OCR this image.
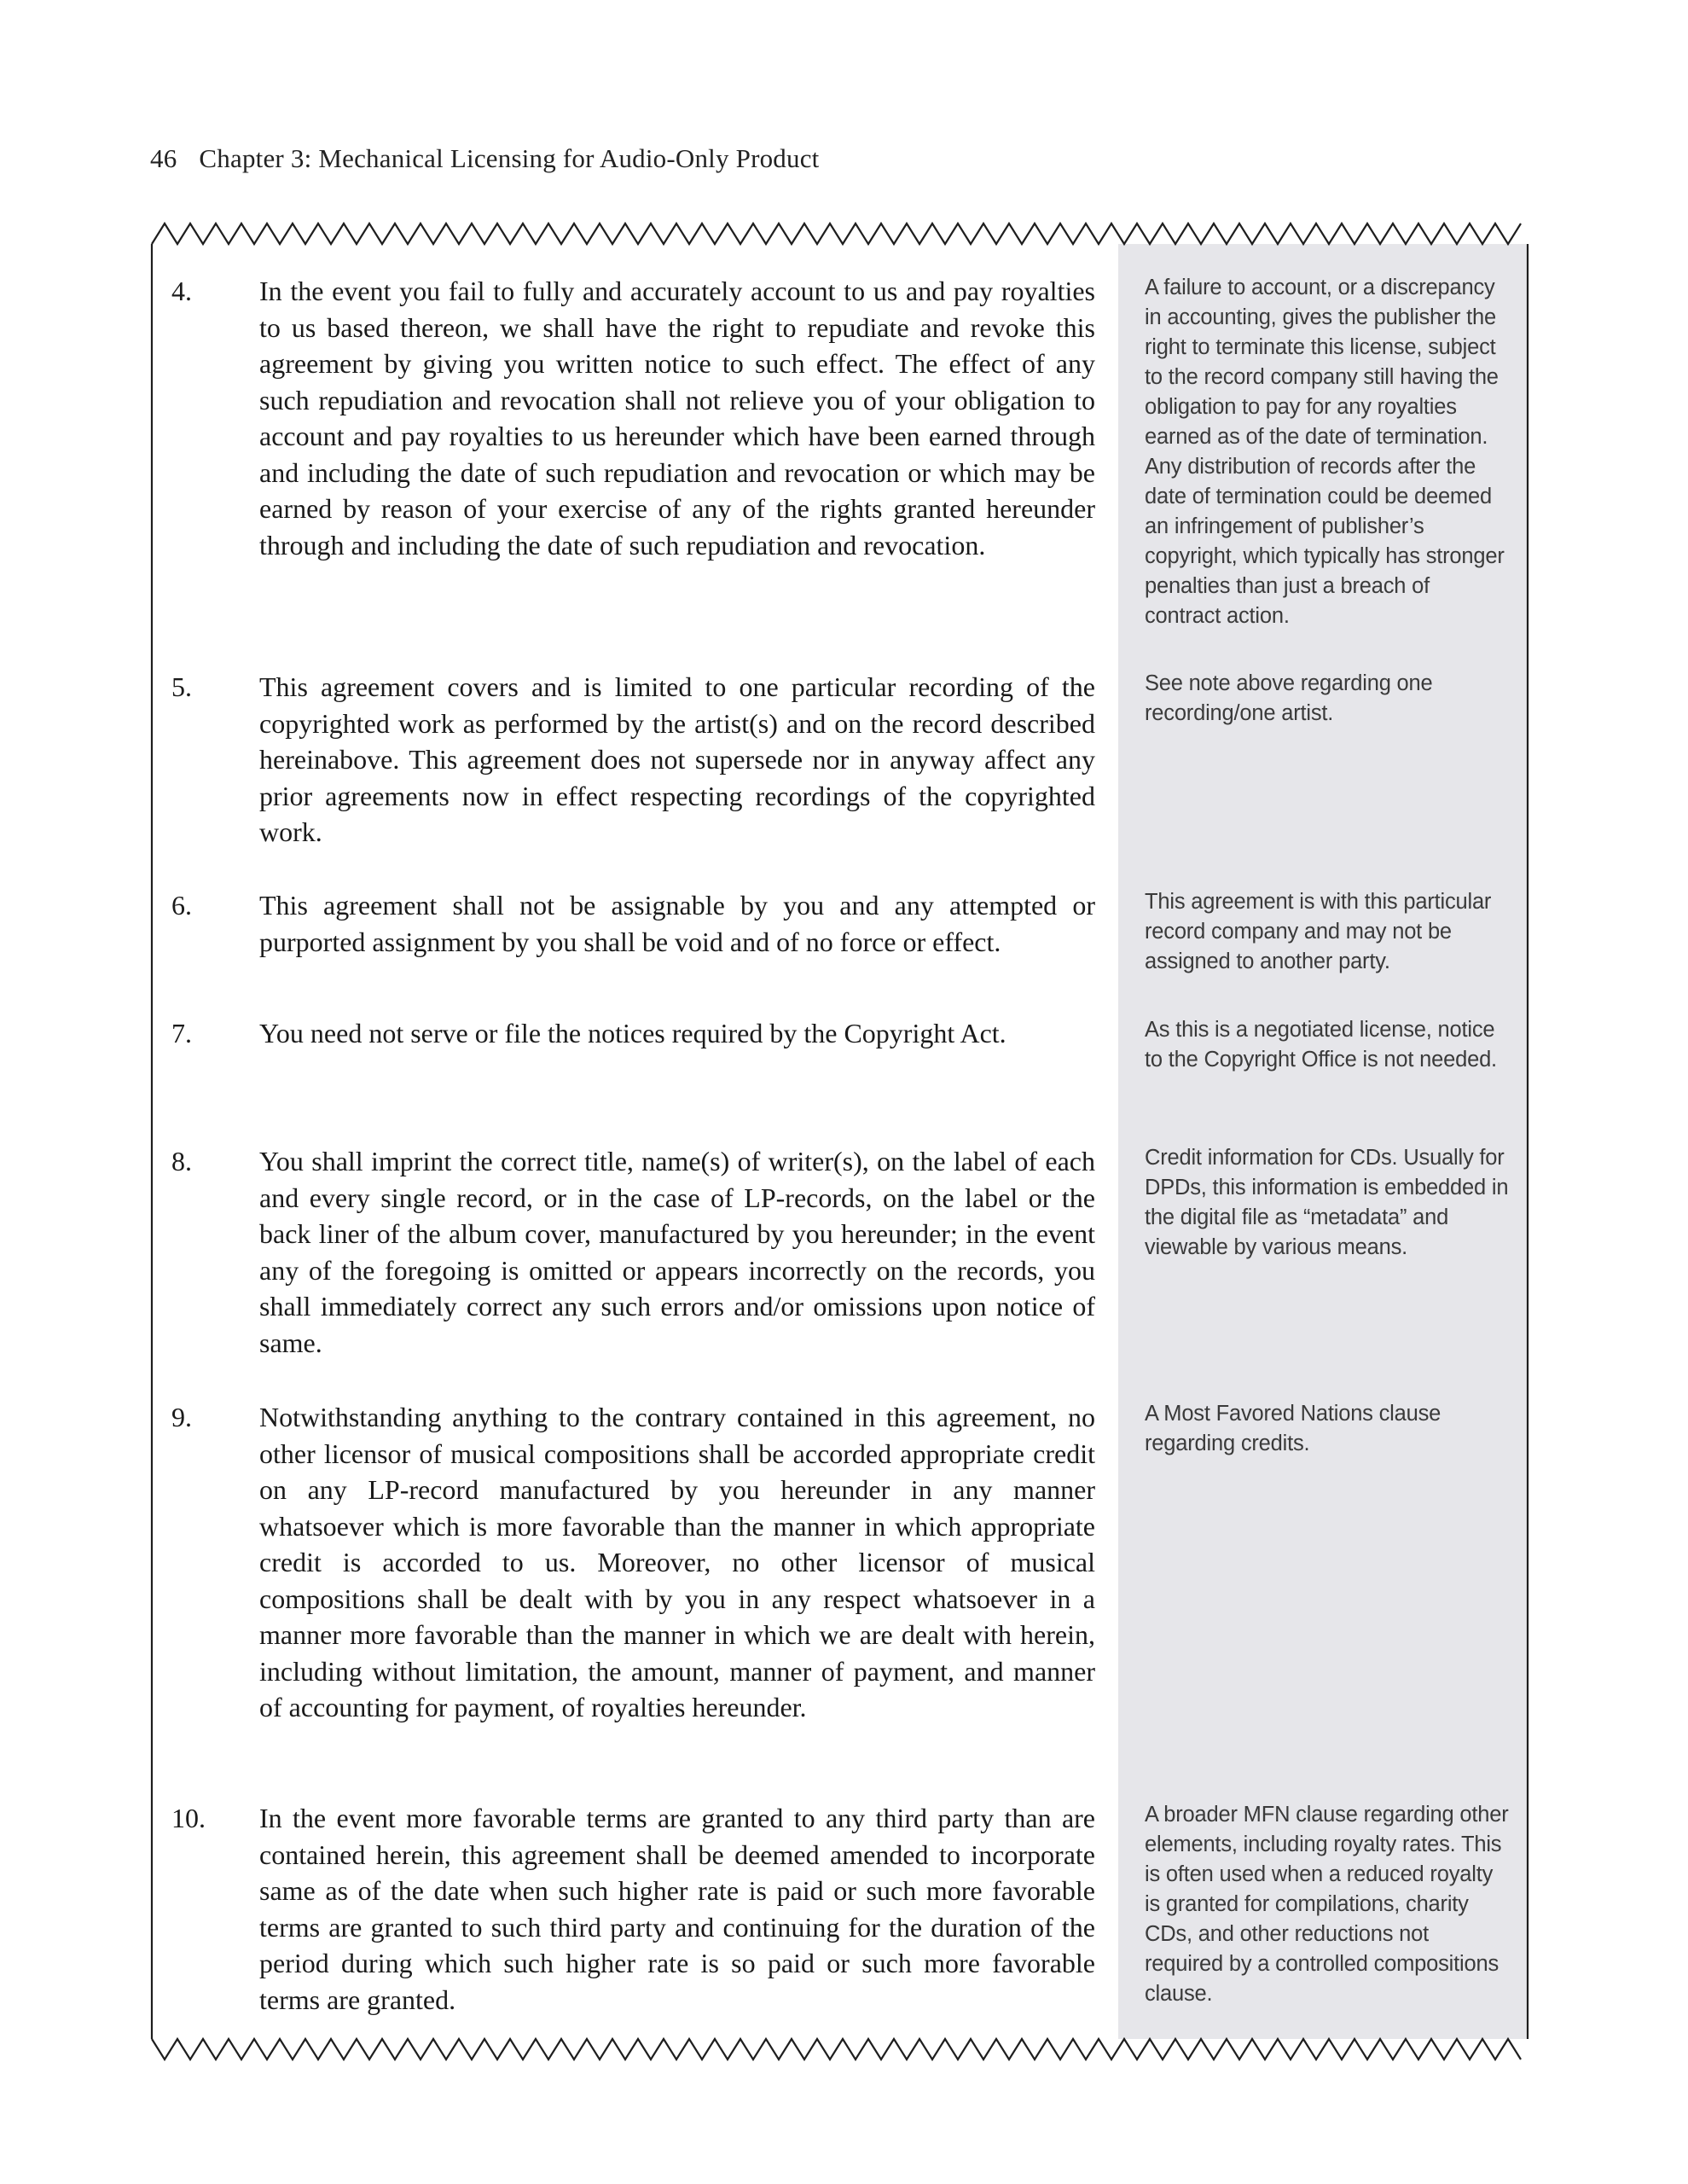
46 Chapter 3: Mechanical Licensing for Audio-Only Product
4. In the event you fail to fully and accurately account to us and pay royalties to us based thereon, we shall have the right to repudiate and revoke this agreement by giving you written notice to such effect. The effect of any such repudiation and revocation shall not relieve you of your obligation to account and pay royalties to us hereunder which have been earned through and including the date of such repudiation and revocation or which may be earned by reason of your exercise of any of the rights granted hereunder through and including the date of such repudiation and revocation.
A failure to account, or a discrepancy in accounting, gives the publisher the right to terminate this license, subject to the record company still having the obligation to pay for any royalties earned as of the date of termination. Any distribution of records after the date of termination could be deemed an infringement of publisher’s copyright, which typically has stronger penalties than just a breach of contract action.
5. This agreement covers and is limited to one particular recording of the copyrighted work as performed by the artist(s) and on the record described hereinabove. This agreement does not supersede nor in anyway affect any prior agreements now in effect respecting recordings of the copyrighted work.
See note above regarding one recording/one artist.
6. This agreement shall not be assignable by you and any attempted or purported assignment by you shall be void and of no force or effect.
This agreement is with this particular record company and may not be assigned to another party.
7. You need not serve or file the notices required by the Copyright Act.	As this is a negotiated license, notice to the Copyright Office is not needed.
8. You shall imprint the correct title, name(s) of writer(s), on the label of each and every single record, or in the case of LP-records, on the label or the back liner of the album cover, manufactured by you hereunder; in the event any of the foregoing is omitted or appears incorrectly on the records, you shall immediately correct any such errors and/or omissions upon notice of same.
Credit information for CDs. Usually for DPDs, this information is embedded in the digital file as “metadata” and viewable by various means.
9. Notwithstanding anything to the contrary contained in this agreement, no other licensor of musical compositions shall be accorded appropriate credit on any LP-record manufactured by you hereunder in any manner whatsoever which is more favorable than the manner in which appropriate credit is accorded to us. Moreover, no other licensor of musical compositions shall be dealt with by you in any respect whatsoever in a manner more favorable than the manner in which we are dealt with herein, including without limitation, the amount, manner of payment, and manner of accounting for payment, of royalties hereunder.
A Most Favored Nations clause regarding credits.
10. In the event more favorable terms are granted to any third party than are contained herein, this agreement shall be deemed amended to incorporate same as of the date when such higher rate is paid or such more favorable terms are granted to such third party and continuing for the duration of the period during which such higher rate is so paid or such more favorable terms are granted.
A broader MFN clause regarding other elements, including royalty rates. This is often used when a reduced royalty is granted for compilations, charity CDs, and other reductions not required by a controlled compositions clause.
